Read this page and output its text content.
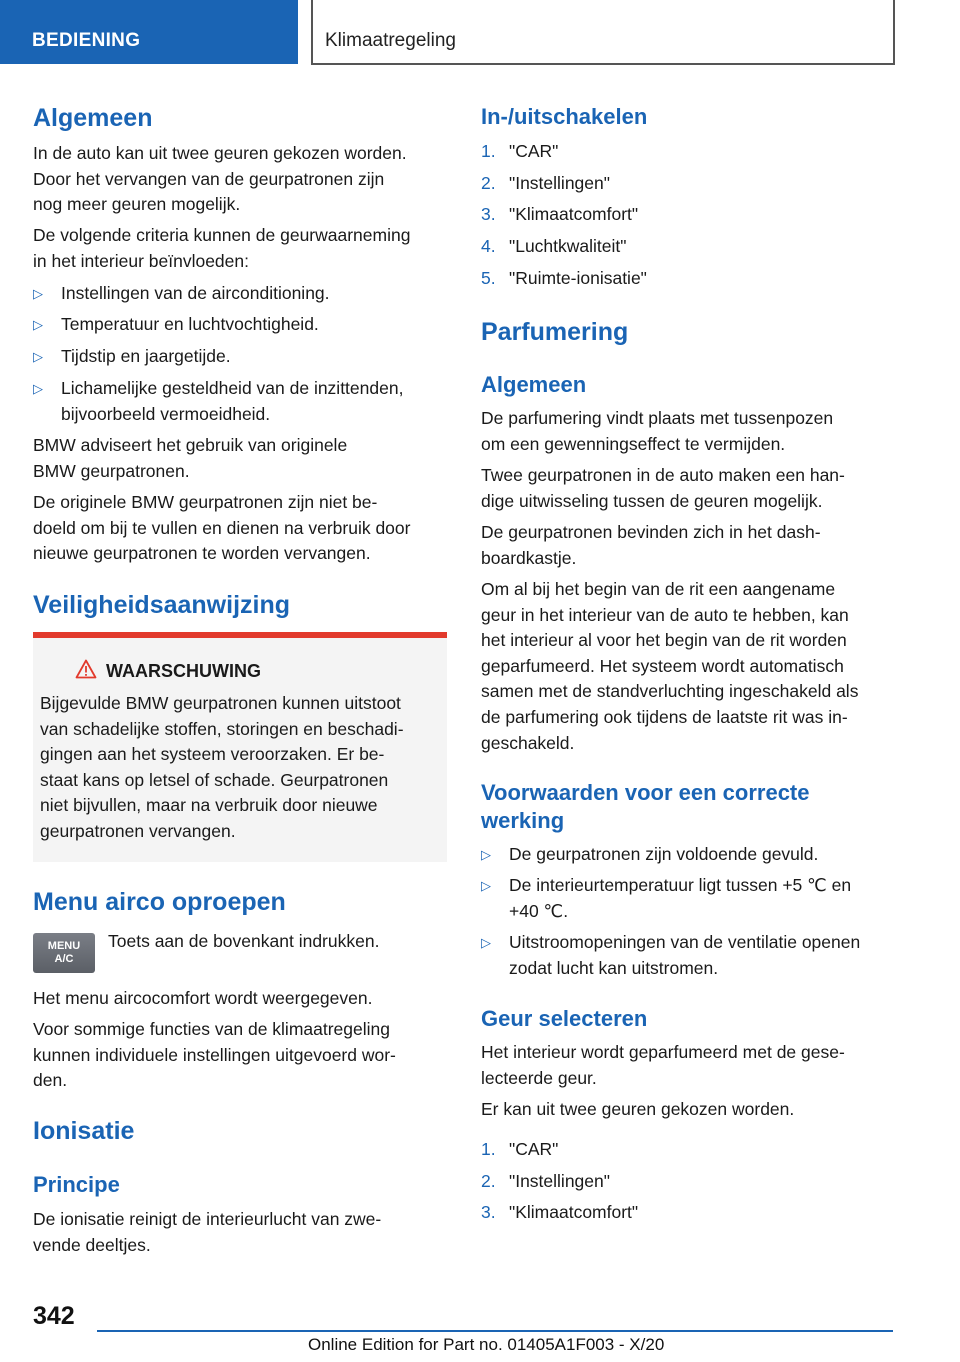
BEDIENING	Klimaatregeling
Algemeen
In de auto kan uit twee geuren gekozen worden.
Door het vervangen van de geurpatronen zijn
nog meer geuren mogelijk.
De volgende criteria kunnen de geurwaarneming
in het interieur beïnvloeden:
▷ Instellingen van de airconditioning.
▷ Temperatuur en luchtvochtigheid.
▷ Tijdstip en jaargetijde.
▷ Lichamelijke gesteldheid van de inzittenden,
bijvoorbeeld vermoeidheid.
BMW adviseert het gebruik van originele
BMW geurpatronen.
De originele BMW geurpatronen zijn niet be-
doeld om bij te vullen en dienen na verbruik door
nieuwe geurpatronen te worden vervangen.
Veiligheidsaanwijzing
WAARSCHUWING
Bijgevulde BMW geurpatronen kunnen uitstoot
van schadelijke stoffen, storingen en beschadi-
gingen aan het systeem veroorzaken. Er be-
staat kans op letsel of schade. Geurpatronen
niet bijvullen, maar na verbruik door nieuwe
geurpatronen vervangen.
Menu airco oproepen
MENU
A/C
Toets aan de bovenkant indrukken.
Het menu aircocomfort wordt weergegeven.
Voor sommige functies van de klimaatregeling
kunnen individuele instellingen uitgevoerd wor-
den.
Ionisatie
Principe
De ionisatie reinigt de interieurlucht van zwe-
vende deeltjes.
In-/uitschakelen
1. "CAR"
2. "Instellingen"
3. "Klimaatcomfort"
4. "Luchtkwaliteit"
5. "Ruimte-ionisatie"
Parfumering
Algemeen
De parfumering vindt plaats met tussenpozen
om een gewenningseffect te vermijden.
Twee geurpatronen in de auto maken een han-
dige uitwisseling tussen de geuren mogelijk.
De geurpatronen bevinden zich in het dash-
boardkastje.
Om al bij het begin van de rit een aangename
geur in het interieur van de auto te hebben, kan
het interieur al voor het begin van de rit worden
geparfumeerd. Het systeem wordt automatisch
samen met de standverluchting ingeschakeld als
de parfumering ook tijdens de laatste rit was in-
geschakeld.
Voorwaarden voor een correcte
werking
▷ De geurpatronen zijn voldoende gevuld.
▷ De interieurtemperatuur ligt tussen +5 ℃ en
+40 ℃.
▷ Uitstroomopeningen van de ventilatie openen
zodat lucht kan uitstromen.
Geur selecteren
Het interieur wordt geparfumeerd met de gese-
lecteerde geur.
Er kan uit twee geuren gekozen worden.
1. "CAR"
2. "Instellingen"
3. "Klimaatcomfort"
342
Online Edition for Part no. 01405A1F003 - X/20
